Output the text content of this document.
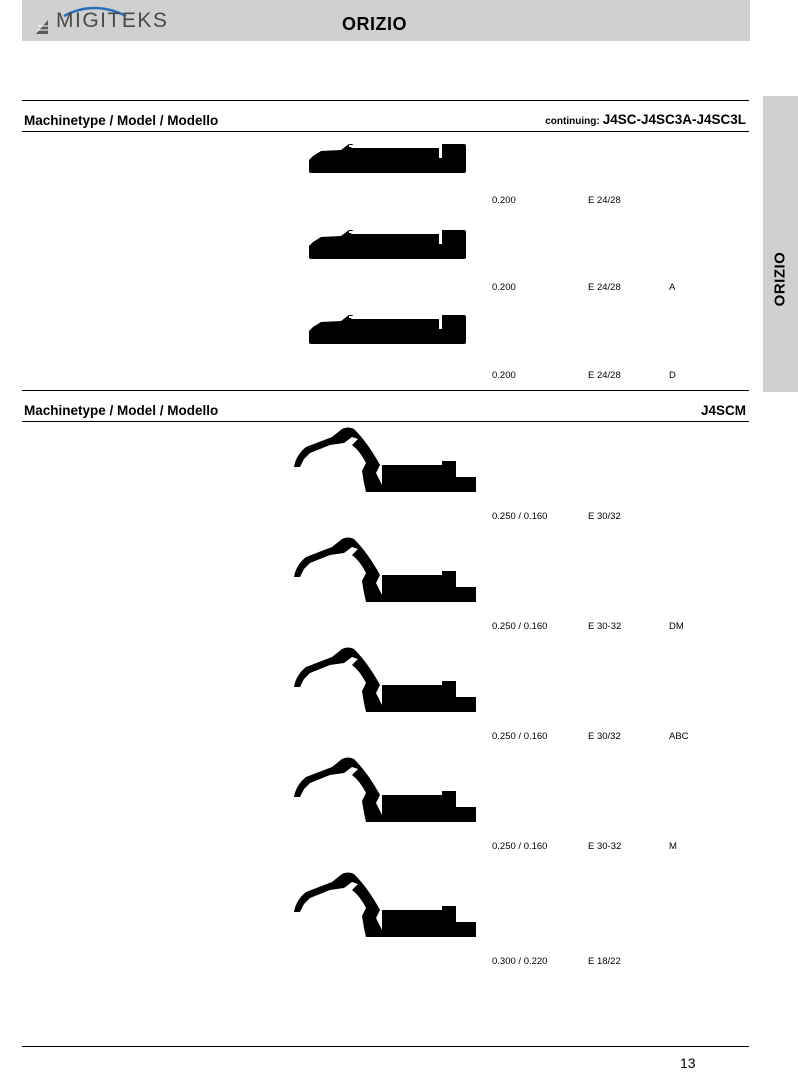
MIGITEKS	ORIZIO
ORIZIO
Machinetype / Model / Modello	continuing: J4SC-J4SC3A-J4SC3L
0.200	E 24/28
0.200	E 24/28	A
0.200	E 24/28	D
Machinetype / Model / Modello	J4SCM
0.250 / 0.160	E 30/32
0.250 / 0.160	E 30-32	DM
0.250 / 0.160	E 30/32	ABC
0.250 / 0.160	E 30-32	M
0.300 / 0.220	E 18/22
13
